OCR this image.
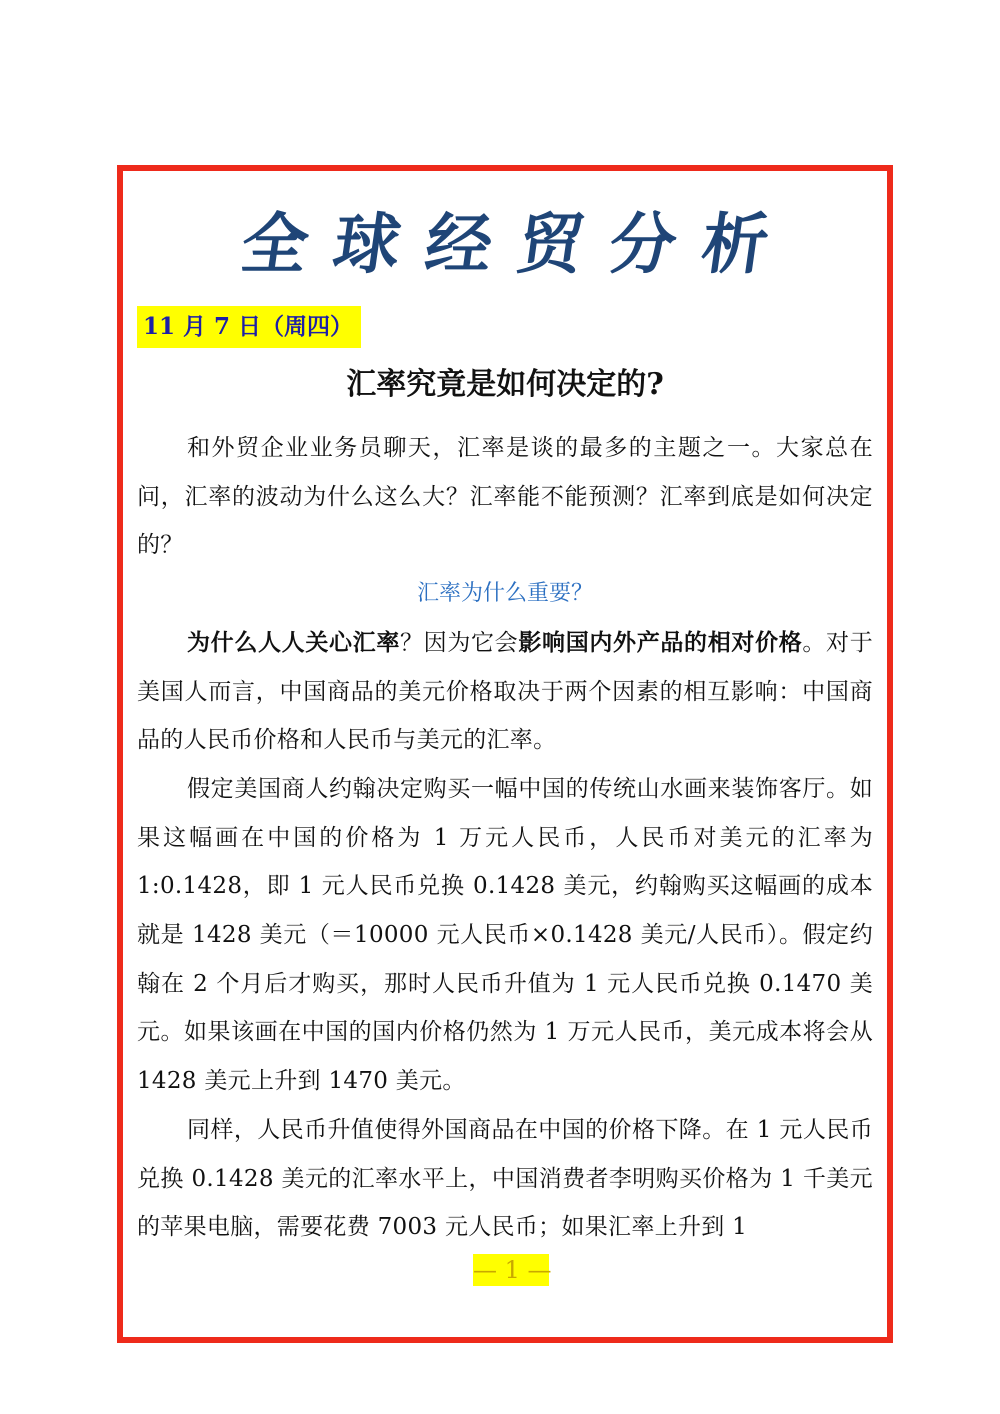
全球经贸分析
11 月 7 日（周四）
汇率究竟是如何决定的?

和外贸企业业务员聊天，汇率是谈的最多的主题之一。大家总在问，汇率的波动为什么这么大？汇率能不能预测？汇率到底是如何决定的？

汇率为什么重要？

为什么人人关心汇率？因为它会影响国内外产品的相对价格。对于美国人而言，中国商品的美元价格取决于两个因素的相互影响：中国商品的人民币价格和人民币与美元的汇率。

假定美国商人约翰决定购买一幅中国的传统山水画来装饰客厅。如果这幅画在中国的价格为 1 万元人民币，人民币对美元的汇率为 1:0.1428，即 1 元人民币兑换 0.1428 美元，约翰购买这幅画的成本就是 1428 美元（＝10000 元人民币×0.1428 美元/人民币）。假定约翰在 2 个月后才购买，那时人民币升值为 1 元人民币兑换 0.1470 美元。如果该画在中国的国内价格仍然为 1 万元人民币，美元成本将会从 1428 美元上升到 1470 美元。

同样，人民币升值使得外国商品在中国的价格下降。在 1 元人民币兑换 0.1428 美元的汇率水平上，中国消费者李明购买价格为 1 千美元的苹果电脑，需要花费 7003 元人民币；如果汇率上升到 1

— 1 —
